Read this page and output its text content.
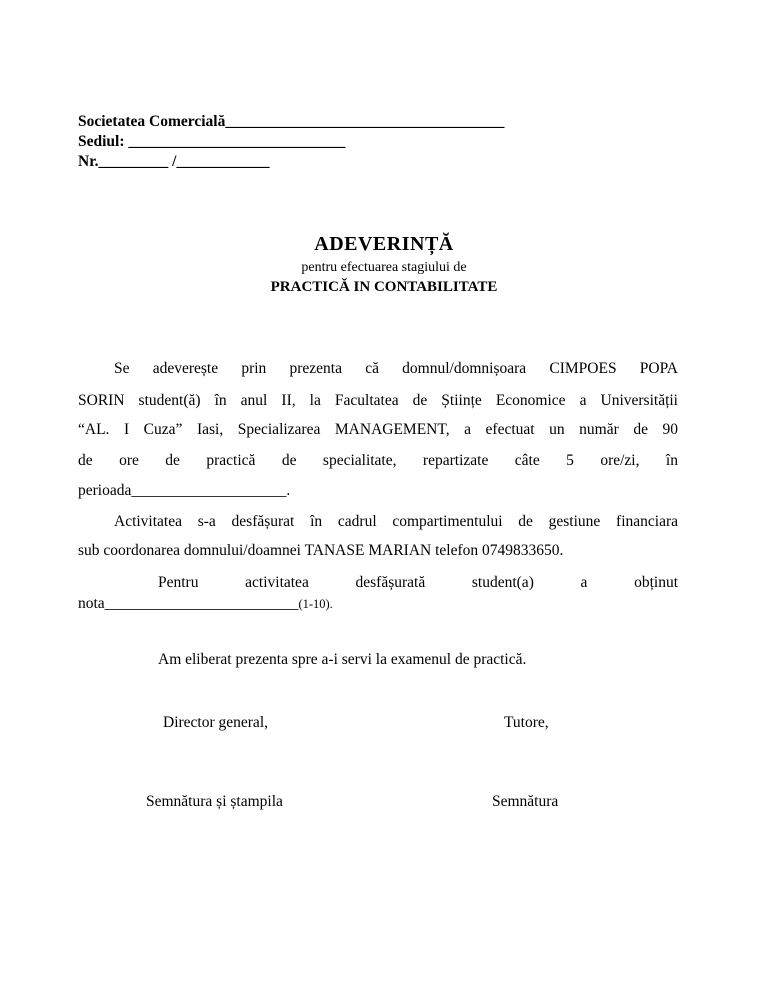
Societatea Comercială____________________________________
Sediul: ____________________________
Nr._________ /____________
ADEVERINȚĂ
pentru efectuarea stagiului de
PRACTICĂ IN CONTABILITATE
Se adeverește prin prezenta că domnul/domnișoara CIMPOES POPA
SORIN student(ă) în anul II, la Facultatea de Științe Economice a Universității
“AL. I Cuza” Iasi, Specializarea MANAGEMENT, a efectuat un număr de 90
de ore de practică de specialitate, repartizate câte 5 ore/zi, în
perioada____________________.
Activitatea s-a desfășurat în cadrul compartimentului de gestiune financiara
sub coordonarea domnului/doamnei TANASE MARIAN telefon 0749833650.
Pentru activitatea desfășurată student(a) a obținut
nota_________________________(1-10).
Am eliberat prezenta spre a-i servi la examenul de practică.
Director general,	Tutore,
Semnătura și ștampila	Semnătura
